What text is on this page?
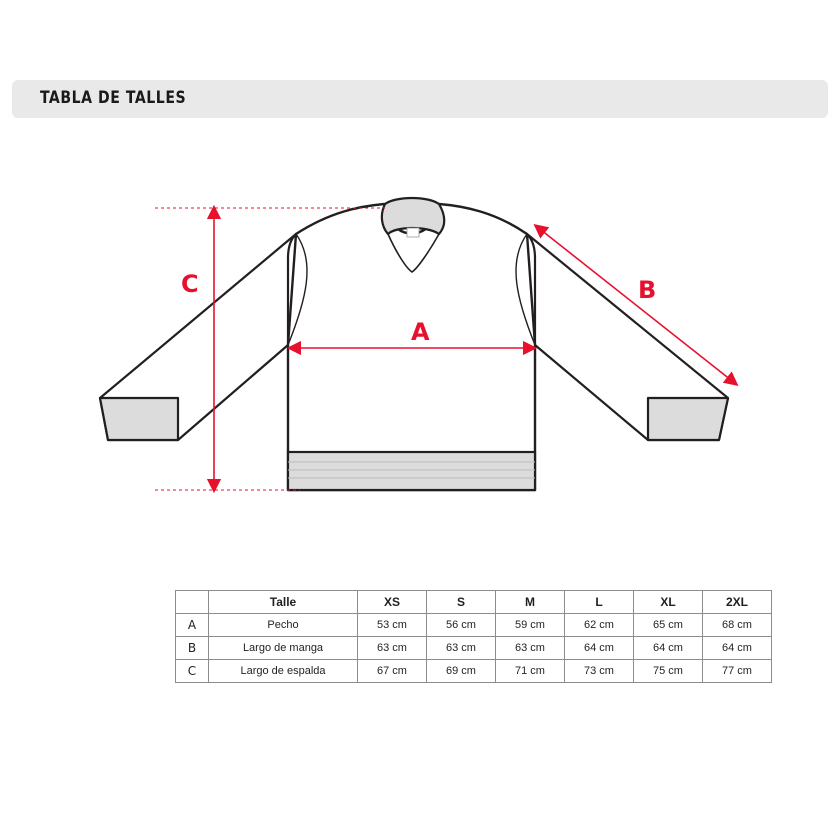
TABLA DE TALLES
C
A
B
	Talle	XS	S	M	L	XL	2XL
A	Pecho	53 cm	56 cm	59 cm	62 cm	65 cm	68 cm
B	Largo de manga	63 cm	63 cm	63 cm	64 cm	64 cm	64 cm
C	Largo de espalda	67 cm	69 cm	71 cm	73 cm	75 cm	77 cm
